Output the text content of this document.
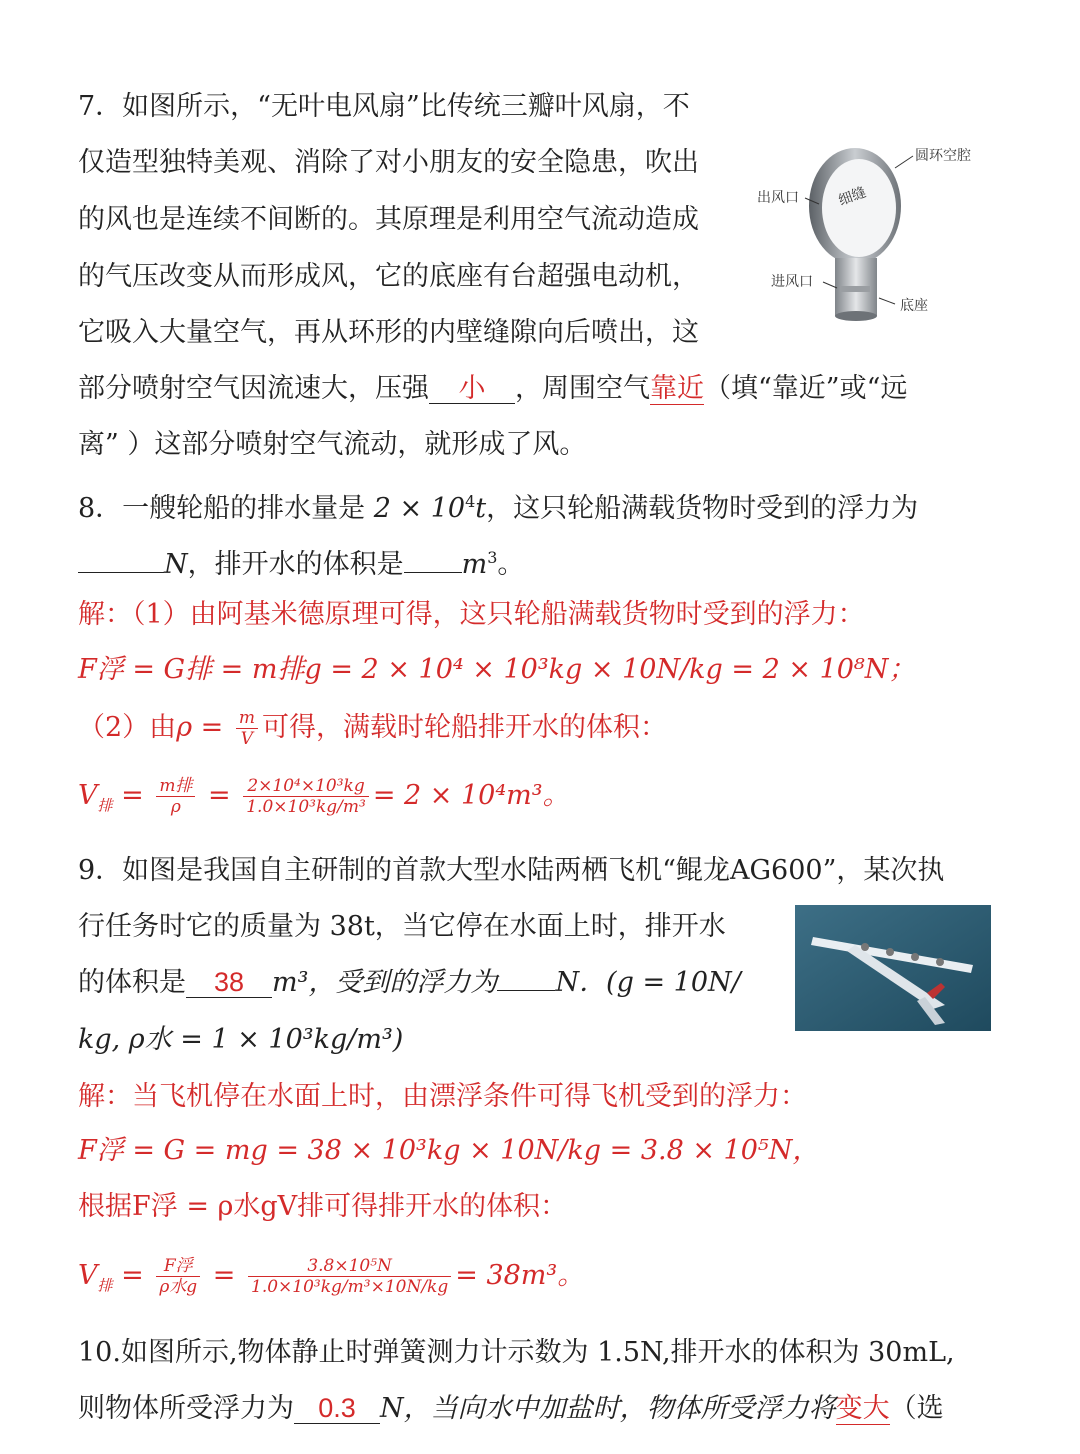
7．如图所示，“无叶电风扇”比传统三瓣叶风扇，不
仅造型独特美观、消除了对小朋友的安全隐患，吹出
的风也是连续不间断的。其原理是利用空气流动造成
的气压改变从而形成风，它的底座有台超强电动机，
它吸入大量空气，再从环形的内壁缝隙向后喷出，这
部分喷射空气因流速大，压强 小 ，周围空气靠近（填“靠近”或“远
离” ）这部分喷射空气流动，就形成了风。
圆环空腔
出风口	细缝
进风口
底座
8．一艘轮船的排水量是 $2 \times 10^4t$，这只轮船满载货物时受到的浮力为
N，排开水的体积是 $m^3$。
解：（1）由阿基米德原理可得，这只轮船满载货物时受到的浮力：
F浮 = G排 = m排g = 2 × 10⁴ × 10³kg × 10N/kg = 2 × 10⁸N；
（2）由$\rho = \frac{m}{V}$ 可得，满载时轮船排开水的体积：
$V_排 = \frac{\text{m排}}{\rho} = \frac{\text{2×10⁴×10³kg}}{\text{1.0×10³kg/m³}} = 2 \times 10^4m^3$。
9．如图是我国自主研制的首款大型水陆两栖飞机“鲲龙AG600”，某次执
行任务时它的质量为 38t，当它停在水面上时，排开水
的体积是 38 m³，受到的浮力为 N．(g = 10N/
kg, ρ水 = 1 × 10³kg/m³)
解：当飞机停在水面上时，由漂浮条件可得飞机受到的浮力：
F浮 = G = mg = 38 × 10³kg × 10N/kg = 3.8 × 10⁵N，
根据F浮 = ρ水gV排可得排开水的体积：
$V_排 = \frac{\text{F浮}}{\text{ρ水g}} = \frac{\text{3.8×10⁵N}}{\text{1.0×10³kg/m³×10N/kg}} = 38m^3$。
10.如图所示,物体静止时弹簧测力计示数为 1.5N,排开水的体积为 30mL,
则物体所受浮力为 0.3 N，当向水中加盐时，物体所受浮力将变大（选
